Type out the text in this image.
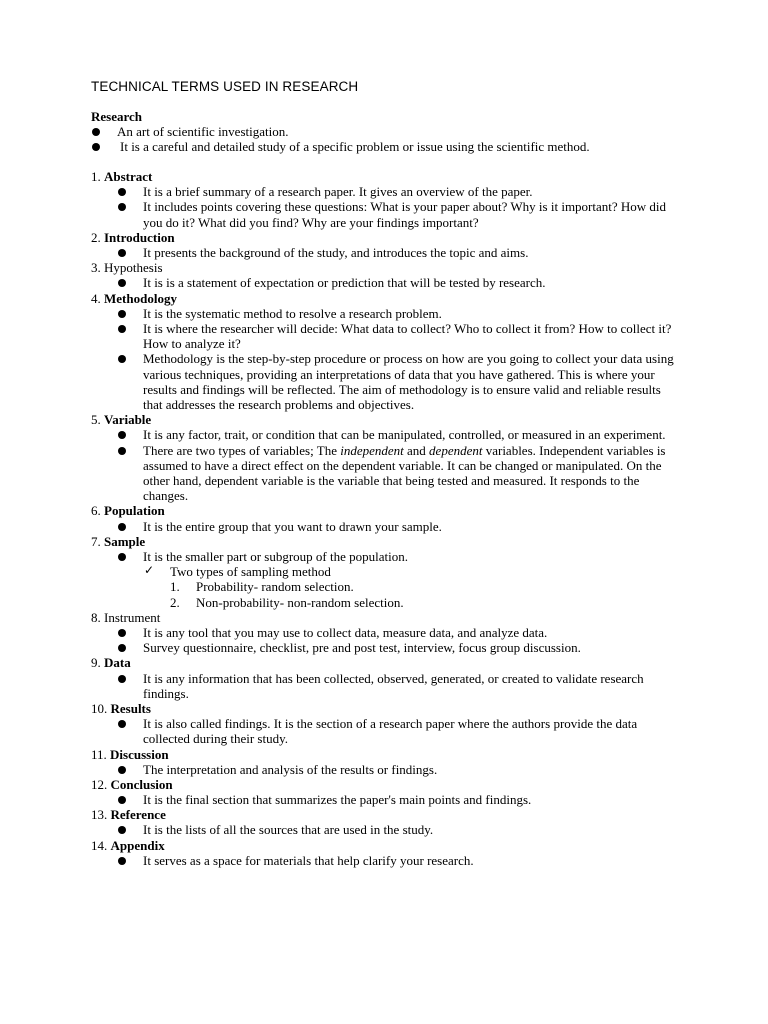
TECHNICAL TERMS USED IN RESEARCH
Research
An art of scientific investigation.
It is a careful and detailed study of a specific problem or issue using the scientific method.
1. Abstract
It is a brief summary of a research paper. It gives an overview of the paper.
It includes points covering these questions: What is your paper about? Why is it important? How did you do it? What did you find? Why are your findings important?
2. Introduction
It presents the background of the study, and introduces the topic and aims.
3. Hypothesis
It is is a statement of expectation or prediction that will be tested by research.
4. Methodology
It is the systematic method to resolve a research problem.
It is where the researcher will decide: What data to collect? Who to collect it from? How to collect it? How to analyze it?
Methodology is the step-by-step procedure or process on how are you going to collect your data using various techniques, providing an interpretations of data that you have gathered. This is where your results and findings will be reflected. The aim of methodology is to ensure valid and reliable results that addresses the research problems and objectives.
5. Variable
It is any factor, trait, or condition that can be manipulated, controlled, or measured in an experiment.
There are two types of variables; The independent and dependent variables. Independent variables is assumed to have a direct effect on the dependent variable. It can be changed or manipulated. On the other hand, dependent variable is the variable that being tested and measured. It responds to the changes.
6. Population
It is the entire group that you want to drawn your sample.
7. Sample
It is the smaller part or subgroup of the population.
✓ Two types of sampling method
1. Probability- random selection.
2. Non-probability- non-random selection.
8. Instrument
It is any tool that you may use to collect data, measure data, and analyze data.
Survey questionnaire, checklist, pre and post test, interview, focus group discussion.
9. Data
It is any information that has been collected, observed, generated, or created to validate research findings.
10. Results
It is also called findings. It is the section of a research paper where the authors provide the data collected during their study.
11. Discussion
The interpretation and analysis of the results or findings.
12. Conclusion
It is the final section that summarizes the paper's main points and findings.
13. Reference
It is the lists of all the sources that are used in the study.
14. Appendix
It serves as a space for materials that help clarify your research.
